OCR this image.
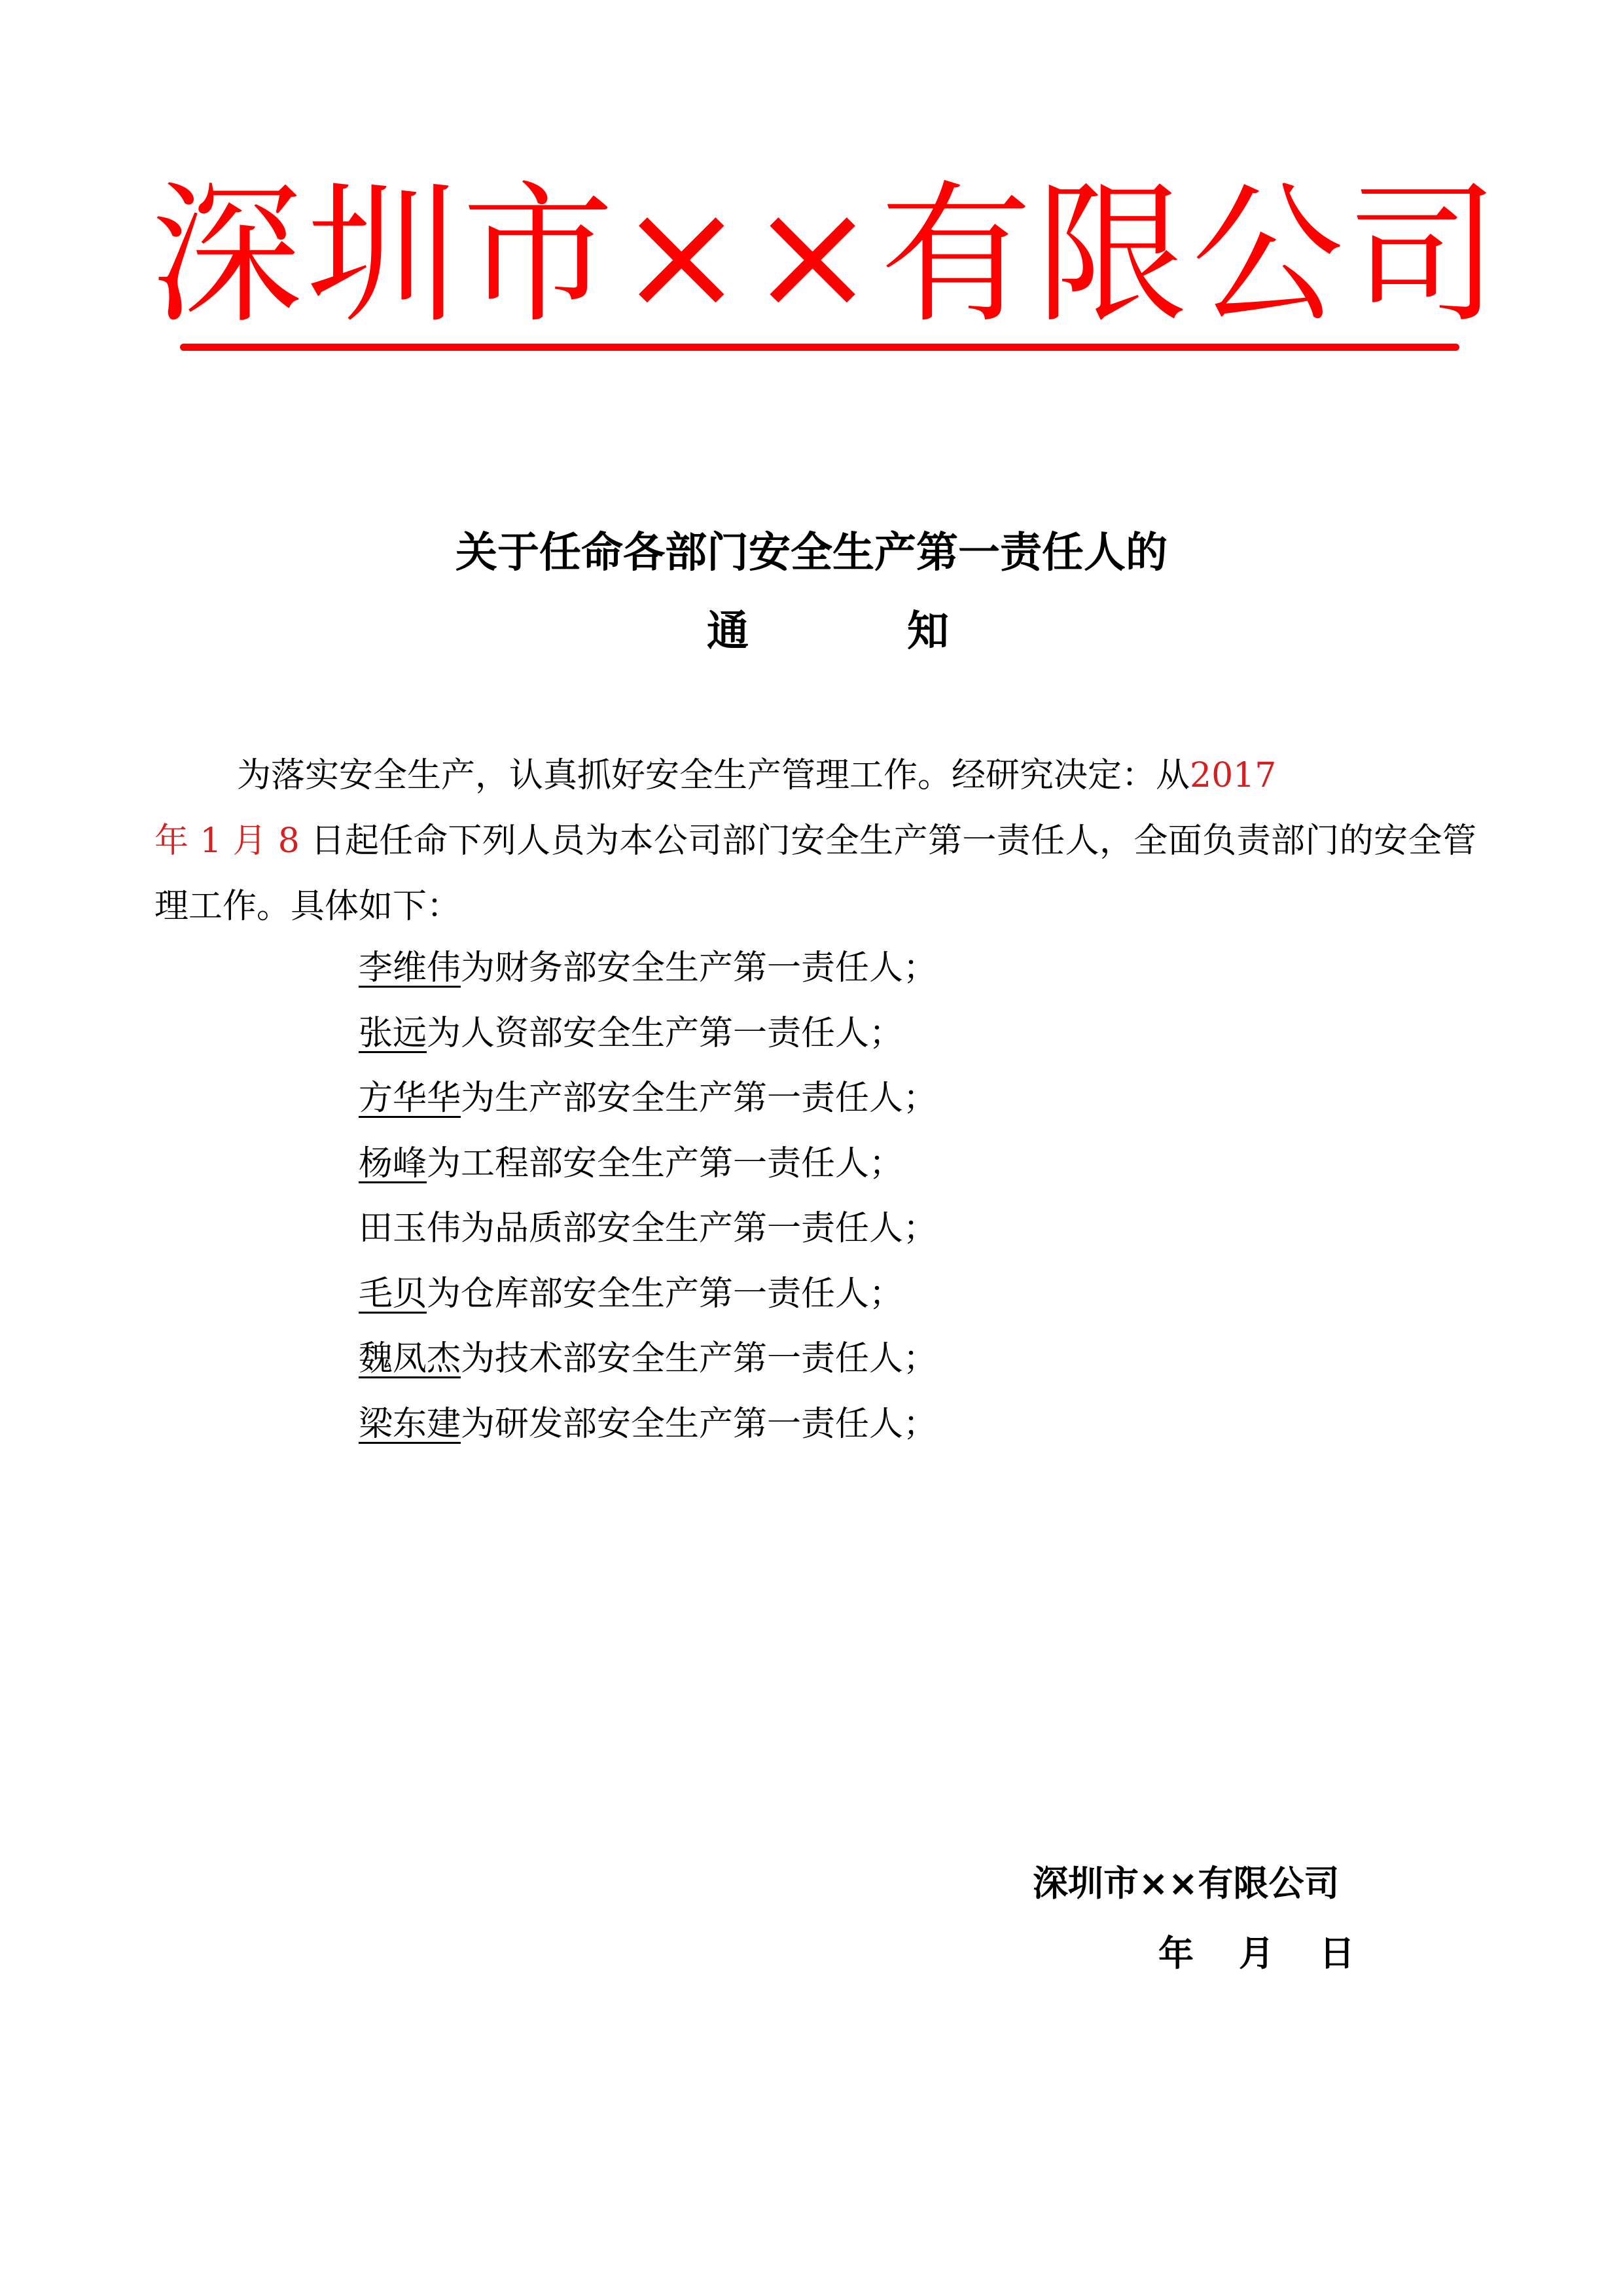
深圳市××有限公司
关于任命各部门安全生产第一责任人的
通	知

为落实安全生产，认真抓好安全生产管理工作。经研究决定：从2017
年 1 月 8 日起任命下列人员为本公司部门安全生产第一责任人，全面负责部门的安全管理工作。具体如下：

李维伟为财务部安全生产第一责任人；
张远为人资部安全生产第一责任人；
方华华为生产部安全生产第一责任人；
杨峰为工程部安全生产第一责任人；
田玉伟为品质部安全生产第一责任人；
毛贝为仓库部安全生产第一责任人；
魏凤杰为技术部安全生产第一责任人；
梁东建为研发部安全生产第一责任人；
深圳市××有限公司
年 月 日
